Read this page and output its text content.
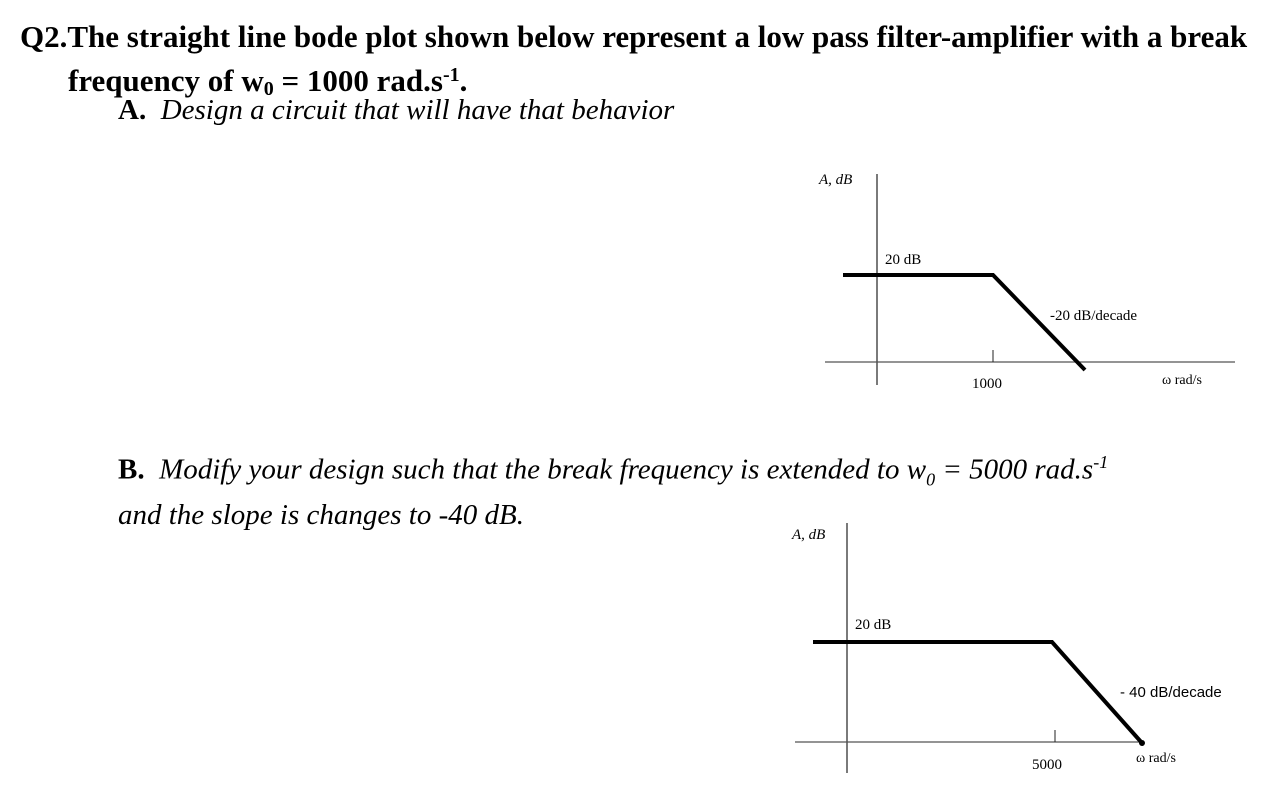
Q2.The straight line bode plot shown below represent a low pass filter-amplifier with a break
frequency of w0 = 1000 $rad.s^{-1}$.
A. Design a circuit that will have that behavior
A, dB
20 dB
-20 dB/decade
1000	ω rad/s
B. Modify your design such that the break frequency is extended to $w_0 = 5000$ $rad.s^{-1}$
and the slope is changes to -40 dB.
A, dB
20 dB
- 40 dB/decade
5000	ω rad/s
